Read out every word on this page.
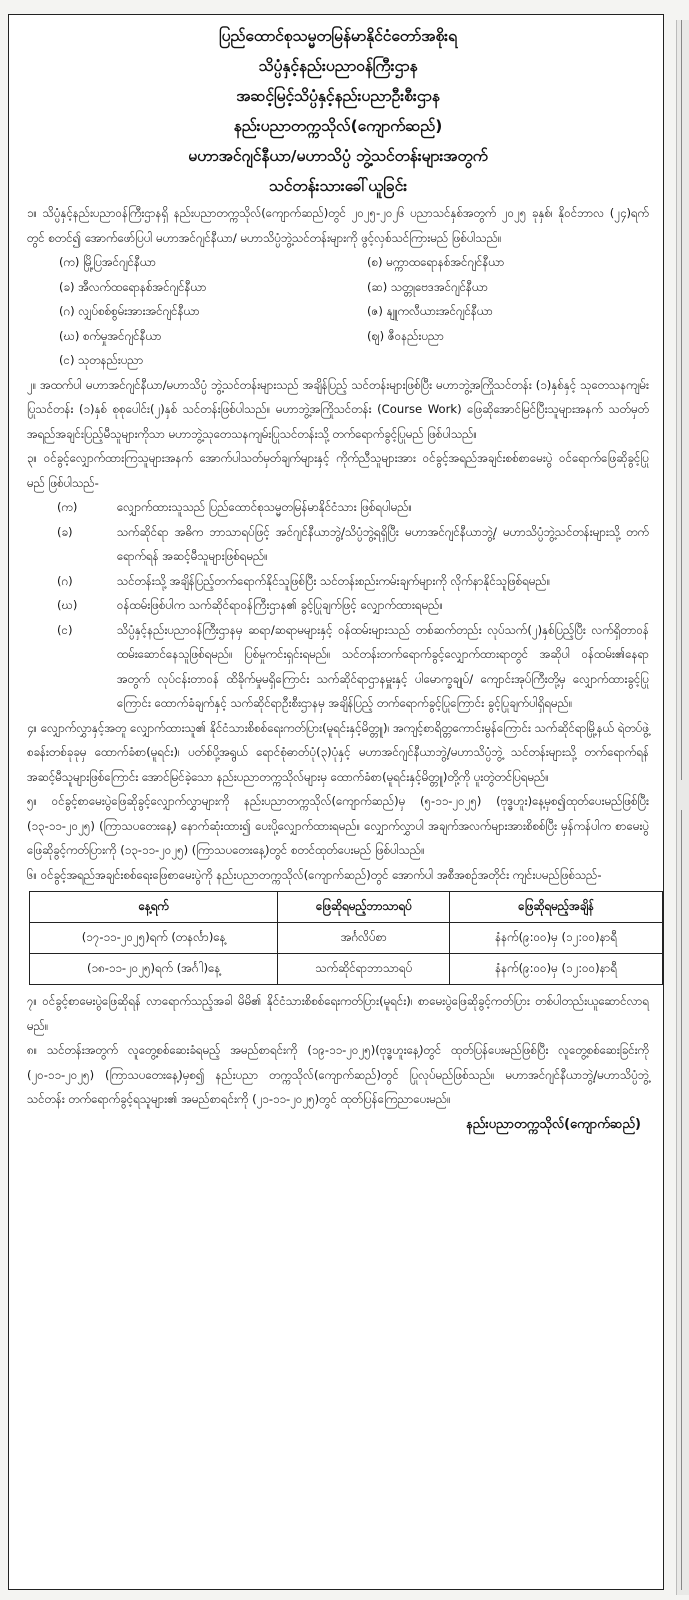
ပြည်ထောင်စုသမ္မတမြန်မာနိုင်ငံတော်အစိုးရ
သိပ္ပံနှင့်နည်းပညာဝန်ကြီးဌာန
အဆင့်မြင့်သိပ္ပံနှင့်နည်းပညာဦးစီးဌာန
နည်းပညာတက္ကသိုလ်(ကျောက်ဆည်)
မဟာအင်ဂျင်နီယာ/မဟာသိပ္ပံ ဘွဲ့သင်တန်းများအတွက်
သင်တန်းသားခေါ်ယူခြင်း
၁။ သိပ္ပံနှင့်နည်းပညာဝန်ကြီးဌာနရှိ နည်းပညာတက္ကသိုလ်(ကျောက်ဆည်)တွင် ၂၀၂၅-၂၀၂၆ ပညာသင်နှစ်အတွက် ၂၀၂၅ ခုနှစ်၊ နိုဝင်ဘာလ (၂၄)ရက်တွင် စတင်၍ အောက်ဖော်ပြပါ မဟာအင်ဂျင်နီယာ/ မဟာသိပ္ပံဘွဲ့သင်တန်းများကို ဖွင့်လှစ်သင်ကြားမည် ဖြစ်ပါသည်။
(က) မြို့ပြအင်ဂျင်နီယာ	(စ) မက္ကာထရောနစ်အင်ဂျင်နီယာ
(ခ) အီလက်ထရောနစ်အင်ဂျင်နီယာ	(ဆ) သတ္တုဗေဒအင်ဂျင်နီယာ
(ဂ) လျှပ်စစ်စွမ်းအားအင်ဂျင်နီယာ	(ဇ) နျူကလီယားအင်ဂျင်နီယာ
(ဃ) စက်မှုအင်ဂျင်နီယာ	(ဈ) ဇီဝနည်းပညာ
(င) သုတနည်းပညာ
၂။ အထက်ပါ မဟာအင်ဂျင်နီယာ/မဟာသိပ္ပံ ဘွဲ့သင်တန်းများသည် အချိန်ပြည့် သင်တန်းများဖြစ်ပြီး မဟာဘွဲ့အကြိုသင်တန်း (၁)နှစ်နှင့် သုတေသနကျမ်းပြုသင်တန်း (၁)နှစ် စုစုပေါင်း(၂)နှစ် သင်တန်းဖြစ်ပါသည်။ မဟာဘွဲ့အကြိုသင်တန်း (Course Work) ဖြေဆိုအောင်မြင်ပြီးသူများအနက် သတ်မှတ်အရည်အချင်းပြည့်မီသူများကိုသာ မဟာဘွဲ့သုတေသနကျမ်းပြုသင်တန်းသို့ တက်ရောက်ခွင့်ပြုမည် ဖြစ်ပါသည်။
၃။ ဝင်ခွင့်လျှောက်ထားကြသူများအနက် အောက်ပါသတ်မှတ်ချက်များနှင့် ကိုက်ညီသူများအား ဝင်ခွင့်အရည်အချင်းစစ်စာမေးပွဲ ဝင်ရောက်ဖြေဆိုခွင့်ပြုမည် ဖြစ်ပါသည်-
(က)	လျှောက်ထားသူသည် ပြည်ထောင်စုသမ္မတမြန်မာနိုင်ငံသား ဖြစ်ရပါမည်။
(ခ)	သက်ဆိုင်ရာ အဓိက ဘာသာရပ်ဖြင့် အင်ဂျင်နီယာဘွဲ့/သိပ္ပံဘွဲ့ရရှိပြီး မဟာအင်ဂျင်နီယာဘွဲ့/ မဟာသိပ္ပံဘွဲ့သင်တန်းများသို့ တက်ရောက်ရန် အဆင့်မီသူများဖြစ်ရမည်။
(ဂ)	သင်တန်းသို့ အချိန်ပြည့်တက်ရောက်နိုင်သူဖြစ်ပြီး သင်တန်းစည်းကမ်းချက်များကို လိုက်နာနိုင်သူဖြစ်ရမည်။
(ဃ)	ဝန်ထမ်းဖြစ်ပါက သက်ဆိုင်ရာဝန်ကြီးဌာန၏ ခွင့်ပြုချက်ဖြင့် လျှောက်ထားရမည်။
(င)	သိပ္ပံနှင့်နည်းပညာဝန်ကြီးဌာနမှ ဆရာ/ဆရာမများနှင့် ဝန်ထမ်းများသည် တစ်ဆက်တည်း လုပ်သက်(၂)နှစ်ပြည့်ပြီး လက်ရှိတာဝန်ထမ်းဆောင်နေသူဖြစ်ရမည်။ ပြစ်မှုကင်းရှင်းရမည်။ သင်တန်းတက်ရောက်ခွင့်လျှောက်ထားရာတွင် အဆိုပါ ဝန်ထမ်း၏နေရာအတွက် လုပ်ငန်းတာဝန် ထိခိုက်မှုမရှိကြောင်း သက်ဆိုင်ရာဌာနမှူးနှင့် ပါမောက္ခချုပ်/ ကျောင်းအုပ်ကြီးတို့မှ လျှောက်ထားခွင့်ပြုကြောင်း ထောက်ခံချက်နှင့် သက်ဆိုင်ရာဦးစီးဌာနမှ အချိန်ပြည့် တက်ရောက်ခွင့်ပြုကြောင်း ခွင့်ပြုချက်ပါရှိရမည်။
၄။ လျှောက်လွှာနှင့်အတူ လျှောက်ထားသူ၏ နိုင်ငံသားစိစစ်ရေးကတ်ပြား(မူရင်းနှင့်မိတ္တူ)၊ အကျင့်စာရိတ္တကောင်းမွန်ကြောင်း သက်ဆိုင်ရာမြို့နယ် ရဲတပ်ဖွဲ့စခန်းတစ်ခုခုမှ ထောက်ခံစာ(မူရင်း)၊ ပတ်စ်ပို့အရွယ် ရောင်စုံဓာတ်ပုံ(၃)ပုံနှင့် မဟာအင်ဂျင်နီယာဘွဲ့/မဟာသိပ္ပံဘွဲ့ သင်တန်းများသို့ တက်ရောက်ရန် အဆင့်မီသူများဖြစ်ကြောင်း အောင်မြင်ခဲ့သော နည်းပညာတက္ကသိုလ်များမှ ထောက်ခံစာ(မူရင်းနှင့်မိတ္တူ)တို့ကို ပူးတွဲတင်ပြရမည်။
၅။ ဝင်ခွင့်စာမေးပွဲဖြေဆိုခွင့်လျှောက်လွှာများကို နည်းပညာတက္ကသိုလ်(ကျောက်ဆည်)မှ (၅-၁၁-၂၀၂၅) (ဗုဒ္ဓဟူး)နေ့မှစ၍ထုတ်ပေးမည်ဖြစ်ပြီး (၁၃-၁၁-၂၀၂၅) (ကြာသပတေးနေ့) နောက်ဆုံးထား၍ ပေးပို့လျှောက်ထားရမည်။ လျှောက်လွှာပါ အချက်အလက်များအားစိစစ်ပြီး မှန်ကန်ပါက စာမေးပွဲဖြေဆိုခွင့်ကတ်ပြားကို (၁၃-၁၁-၂၀၂၅) (ကြာသပတေးနေ့)တွင် စတင်ထုတ်ပေးမည် ဖြစ်ပါသည်။
၆။ ဝင်ခွင့်အရည်အချင်းစစ်ရေးဖြေစာမေးပွဲကို နည်းပညာတက္ကသိုလ်(ကျောက်ဆည်)တွင် အောက်ပါ အစီအစဉ်အတိုင်း ကျင်းပမည်ဖြစ်သည်-
နေ့ရက်	ဖြေဆိုရမည့်ဘာသာရပ်	ဖြေဆိုရမည့်အချိန်
(၁၇-၁၁-၂၀၂၅)ရက် (တနင်္လာ)နေ့	အင်္ဂလိပ်စာ	နံနက်(၉:၀၀)မှ (၁၂:၀၀)နာရီ
(၁၈-၁၁-၂၀၂၅)ရက် (အင်္ဂါ)နေ့	သက်ဆိုင်ရာဘာသာရပ်	နံနက်(၉:၀၀)မှ (၁၂:၀၀)နာရီ
၇။ ဝင်ခွင့်စာမေးပွဲဖြေဆိုရန် လာရောက်သည့်အခါ မိမိ၏ နိုင်ငံသားစိစစ်ရေးကတ်ပြား(မူရင်း)၊ စာမေးပွဲဖြေဆိုခွင့်ကတ်ပြား တစ်ပါတည်းယူဆောင်လာရမည်။
၈။ သင်တန်းအတွက် လူတွေ့စစ်ဆေးခံရမည့် အမည်စာရင်းကို (၁၉-၁၁-၂၀၂၅)(ဗုဒ္ဓဟူးနေ့)တွင် ထုတ်ပြန်ပေးမည်ဖြစ်ပြီး လူတွေ့စစ်ဆေးခြင်းကို (၂၀-၁၁-၂၀၂၅) (ကြာသပတေးနေ့)မှစ၍ နည်းပညာ တက္ကသိုလ်(ကျောက်ဆည်)တွင် ပြုလုပ်မည်ဖြစ်သည်။ မဟာအင်ဂျင်နီယာဘွဲ့/မဟာသိပ္ပံဘွဲ့ သင်တန်း တက်ရောက်ခွင့်ရသူများ၏ အမည်စာရင်းကို (၂၁-၁၁-၂၀၂၅)တွင် ထုတ်ပြန်ကြေညာပေးမည်။
နည်းပညာတက္ကသိုလ်(ကျောက်ဆည်)
